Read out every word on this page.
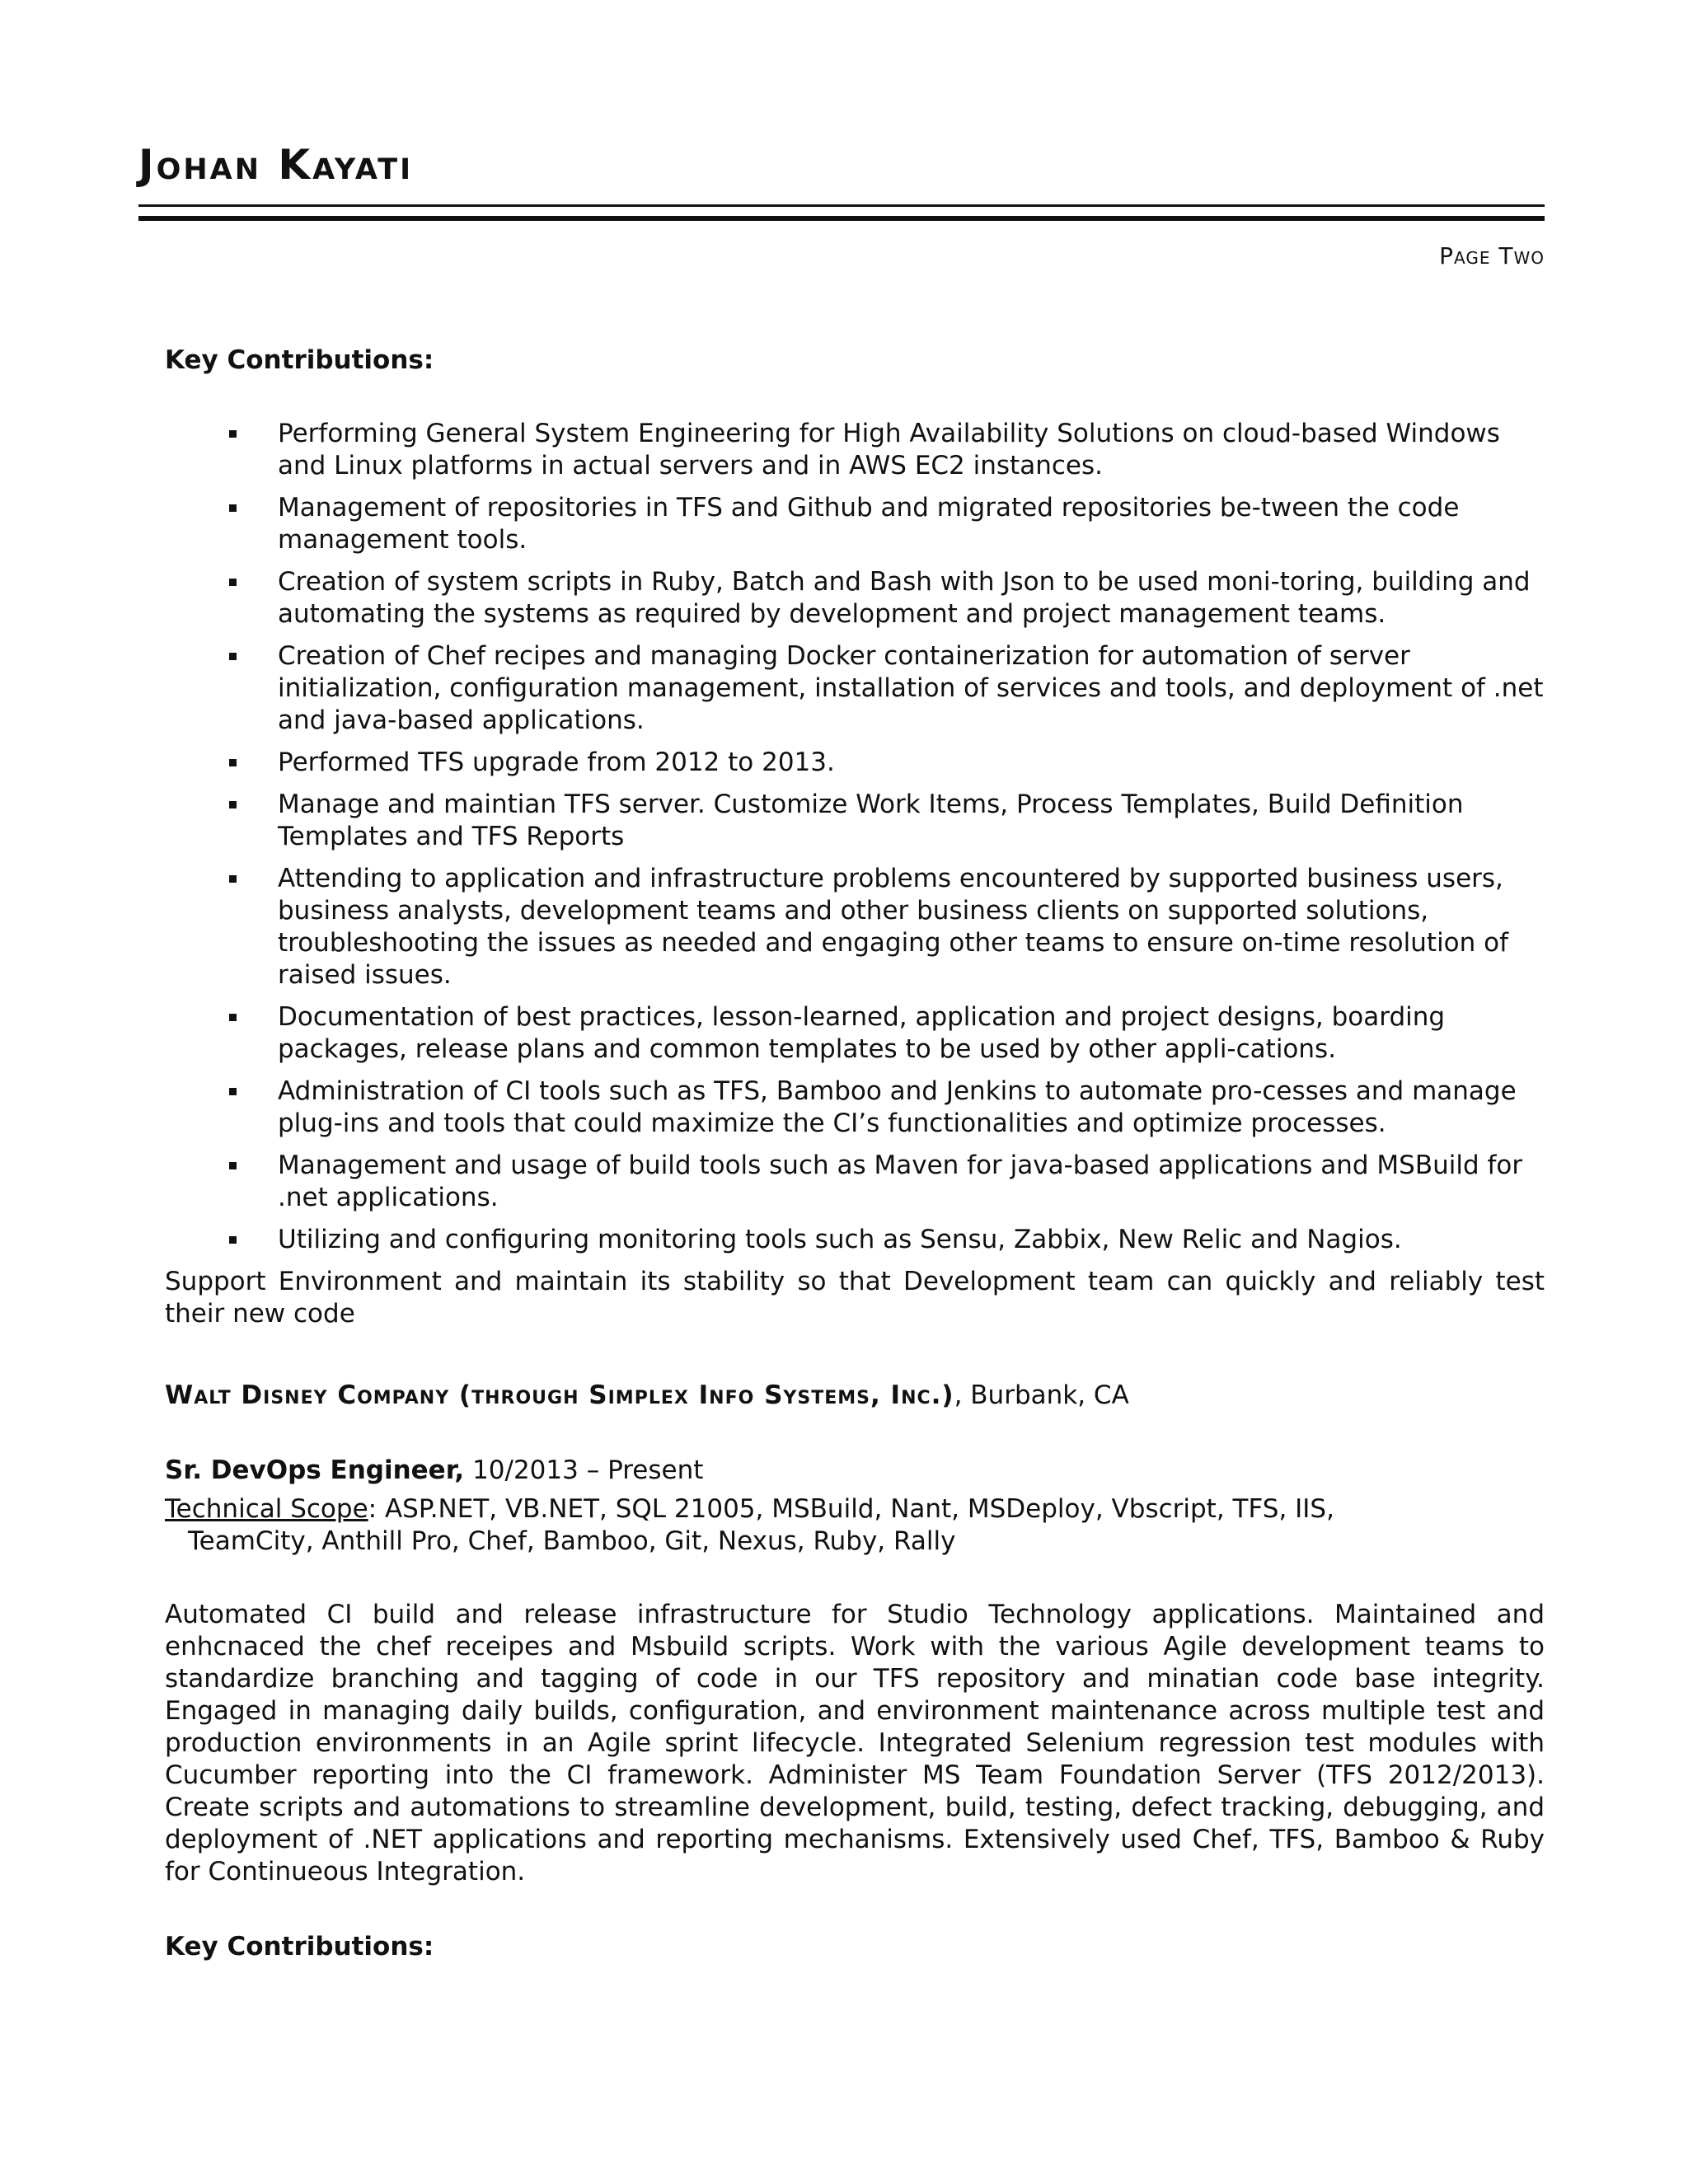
Johan Kayati
Page Two

Key Contributions:

Performing General System Engineering for High Availability Solutions on cloud-based Windows and Linux platforms in actual servers and in AWS EC2 instances.
Management of repositories in TFS and Github and migrated repositories be-tween the code management tools.
Creation of system scripts in Ruby, Batch and Bash with Json to be used moni-toring, building and automating the systems as required by development and project management teams.
Creation of Chef recipes and managing Docker containerization for automation of server initialization, configuration management, installation of services and tools, and deployment of .net and java-based applications.
Performed TFS upgrade from 2012 to 2013.
Manage and maintian TFS server. Customize Work Items, Process Templates, Build Definition Templates and TFS Reports
Attending to application and infrastructure problems encountered by supported business users, business analysts, development teams and other business clients on supported solutions, troubleshooting the issues as needed and engaging other teams to ensure on-time resolution of raised issues.
Documentation of best practices, lesson-learned, application and project designs, boarding packages, release plans and common templates to be used by other appli-cations.
Administration of CI tools such as TFS, Bamboo and Jenkins to automate pro-cesses and manage plug-ins and tools that could maximize the CI’s functionalities and optimize processes.
Management and usage of build tools such as Maven for java-based applications and MSBuild for .net applications.
Utilizing and configuring monitoring tools such as Sensu, Zabbix, New Relic and Nagios.

Support Environment and maintain its stability so that Development team can quickly and reliably test their new code

Walt Disney Company (through Simplex Info Systems, Inc.), Burbank, CA

Sr. DevOps Engineer, 10/2013 – Present

Technical Scope: ASP.NET, VB.NET, SQL 21005, MSBuild, Nant, MSDeploy, Vbscript, TFS, IIS,
TeamCity, Anthill Pro, Chef, Bamboo, Git, Nexus, Ruby, Rally

Automated CI build and release infrastructure for Studio Technology applications. Maintained and enhcnaced the chef receipes and Msbuild scripts. Work with the various Agile development teams to standardize branching and tagging of code in our TFS repository and minatian code base integrity. Engaged in managing daily builds, configuration, and environment maintenance across multiple test and production environments in an Agile sprint lifecycle. Integrated Selenium regression test modules with Cucumber reporting into the CI framework. Administer MS Team Foundation Server (TFS 2012/2013). Create scripts and automations to streamline development, build, testing, defect tracking, debugging, and deployment of .NET applications and reporting mechanisms. Extensively used Chef, TFS, Bamboo & Ruby for Continueous Integration.

Key Contributions:
